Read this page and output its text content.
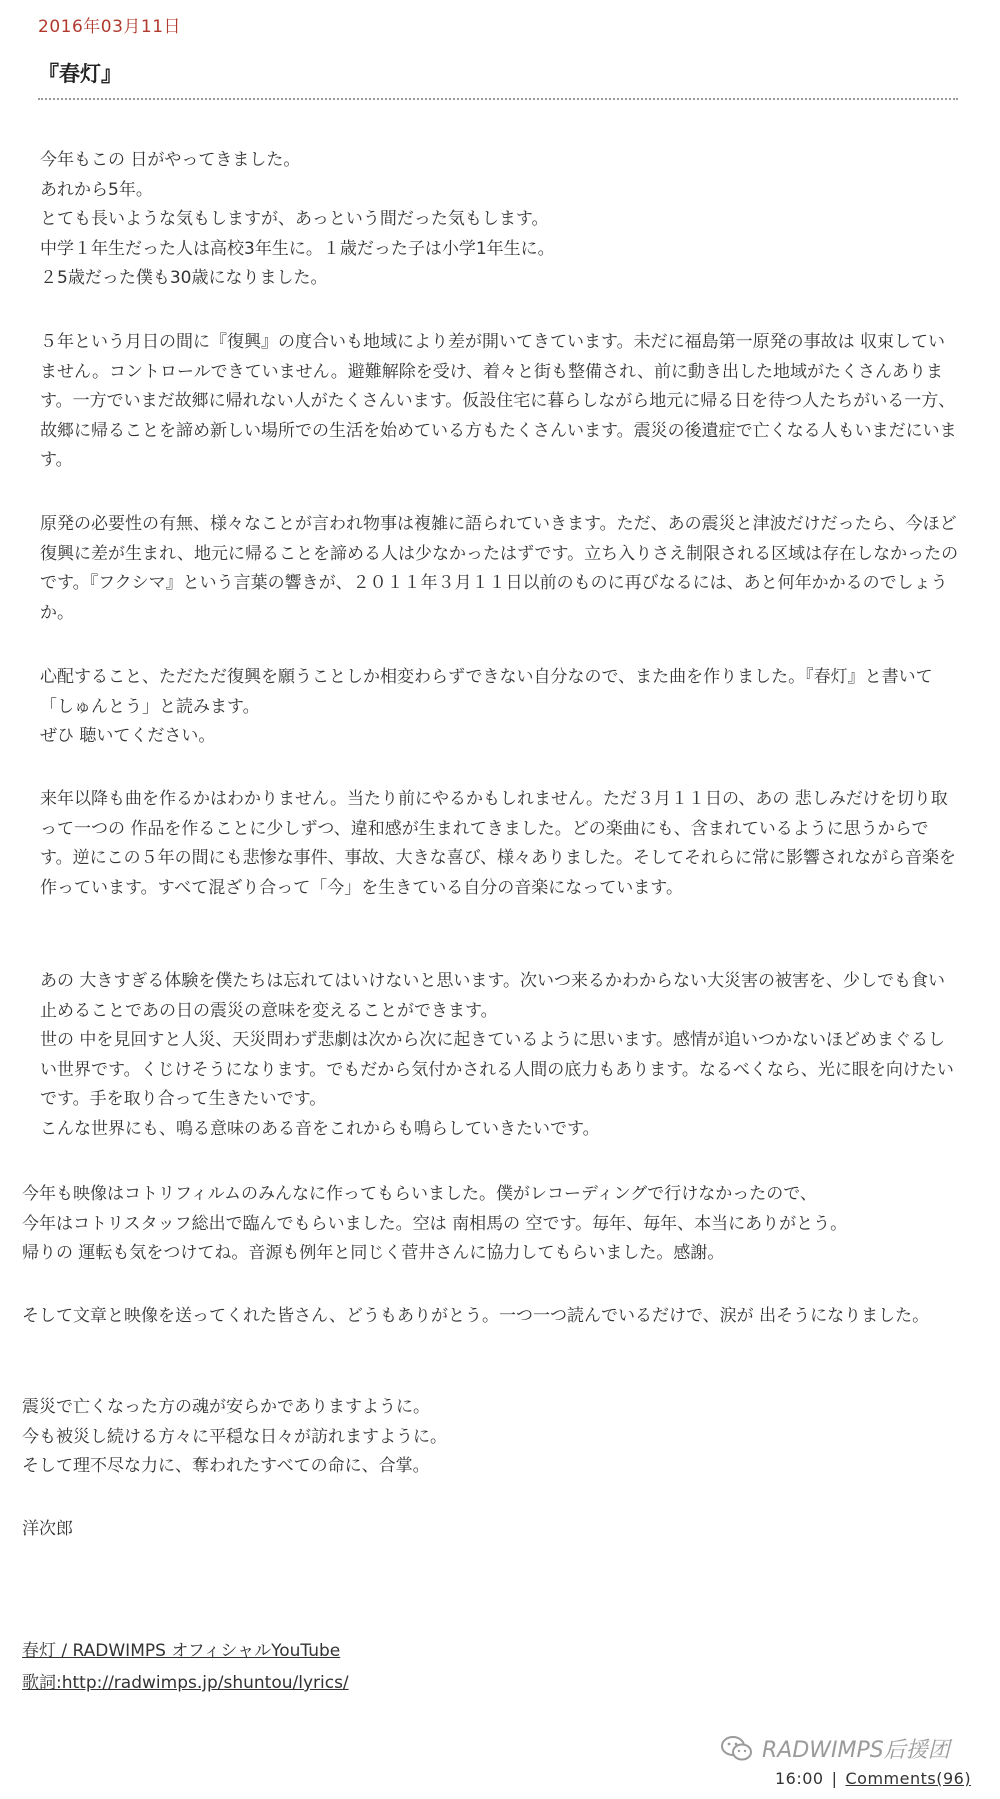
2016年03月11日
『春灯』

今年もこの 日がやってきました。
あれから5年。
とても長いような気もしますが、あっという間だった気もします。
中学１年生だった人は高校3年生に。１歳だった子は小学1年生に。
２5歳だった僕も30歳になりました。

５年という月日の間に『復興』の度合いも地域により差が開いてきています。未だに福島第一原発の事故は 収束していません。コントロールできていません。避難解除を受け、着々と街も整備され、前に動き出した地域がたくさんあります。一方でいまだ故郷に帰れない人がたくさんいます。仮設住宅に暮らしながら地元に帰る日を待つ人たちがいる一方、故郷に帰ることを諦め新しい場所での生活を始めている方もたくさんいます。震災の後遺症で亡くなる人もいまだにいます。

原発の必要性の有無、様々なことが言われ物事は複雑に語られていきます。ただ、あの震災と津波だけだったら、今ほど復興に差が生まれ、地元に帰ることを諦める人は少なかったはずです。立ち入りさえ制限される区域は存在しなかったのです。『フクシマ』という言葉の響きが、２０１１年３月１１日以前のものに再びなるには、あと何年かかるのでしょうか。

心配すること、ただただ復興を願うことしか相変わらずできない自分なので、また曲を作りました。『春灯』と書いて「しゅんとう」と読みます。
ぜひ 聴いてください。

来年以降も曲を作るかはわかりません。当たり前にやるかもしれません。ただ３月１１日の、あの 悲しみだけを切り取って一つの 作品を作ることに少しずつ、違和感が生まれてきました。どの楽曲にも、含まれているように思うからです。逆にこの５年の間にも悲惨な事件、事故、大きな喜び、様々ありました。そしてそれらに常に影響されながら音楽を作っています。すべて混ざり合って「今」を生きている自分の音楽になっています。

あの 大きすぎる体験を僕たちは忘れてはいけないと思います。次いつ来るかわからない大災害の被害を、少しでも食い止めることであの日の震災の意味を変えることができます。
世の 中を見回すと人災、天災問わず悲劇は次から次に起きているように思います。感情が追いつかないほどめまぐるしい世界です。くじけそうになります。でもだから気付かされる人間の底力もあります。なるべくなら、光に眼を向けたいです。手を取り合って生きたいです。
こんな世界にも、鳴る意味のある音をこれからも鳴らしていきたいです。

今年も映像はコトリフィルムのみんなに作ってもらいました。僕がレコーディングで行けなかったので、
今年はコトリスタッフ総出で臨んでもらいました。空は 南相馬の 空です。毎年、毎年、本当にありがとう。
帰りの 運転も気をつけてね。音源も例年と同じく菅井さんに協力してもらいました。感謝。

そして文章と映像を送ってくれた皆さん、どうもありがとう。一つ一つ読んでいるだけで、涙が 出そうになりました。

震災で亡くなった方の魂が安らかでありますように。
今も被災し続ける方々に平穏な日々が訪れますように。
そして理不尽な力に、奪われたすべての命に、合掌。

洋次郎

春灯 / RADWIMPS オフィシャルYouTube
歌詞:http://radwimps.jp/shuntou/lyrics/
RADWIMPS后援团
16:00 | Comments(96)
